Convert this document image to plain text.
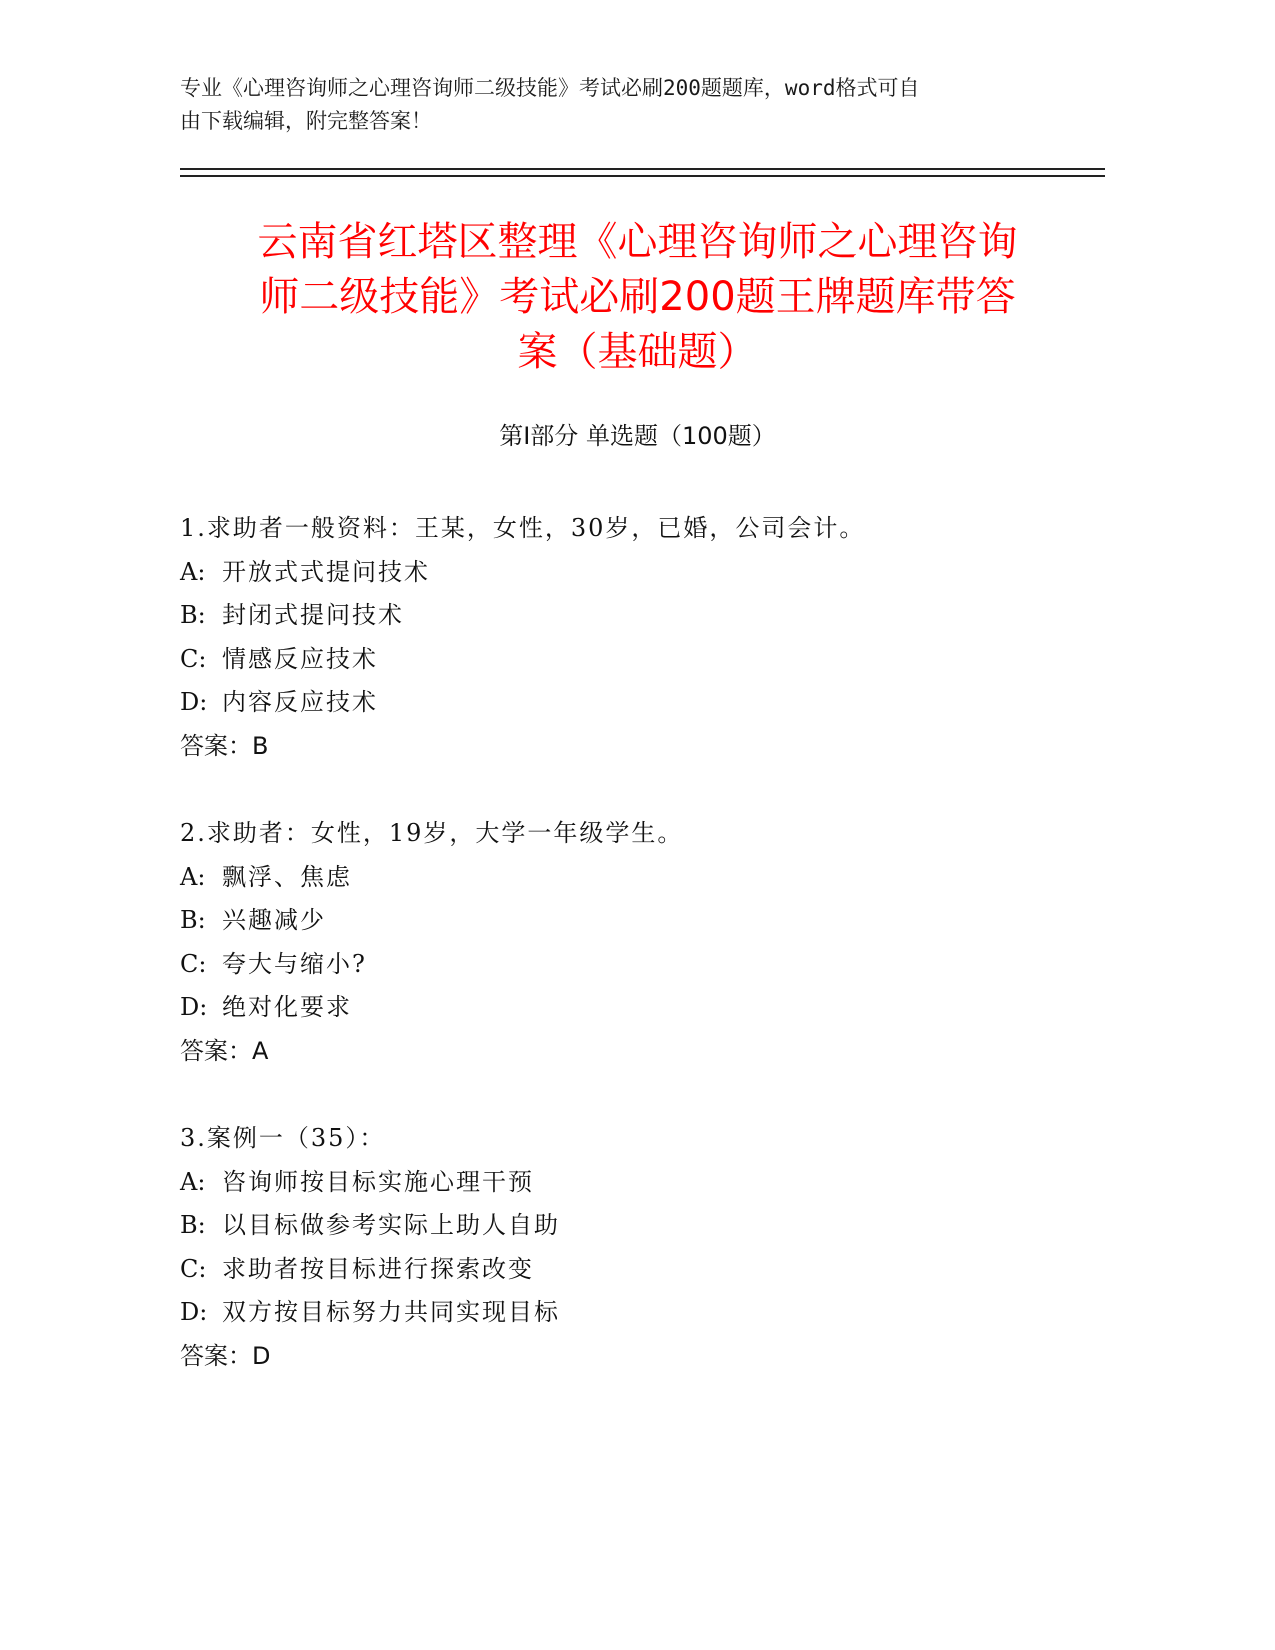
专业《心理咨询师之心理咨询师二级技能》考试必刷200题题库，word格式可自
由下载编辑，附完整答案！
云南省红塔区整理《心理咨询师之心理咨询
师二级技能》考试必刷200题王牌题库带答
案（基础题）
第Ⅰ部分 单选题（100题）
1.求助者一般资料：王某，女性，30岁，已婚，公司会计。
A: 开放式式提问技术
B: 封闭式提问技术
C: 情感反应技术
D: 内容反应技术
答案：B
2.求助者：女性，19岁，大学一年级学生。
A: 飘浮、焦虑
B: 兴趣减少
C: 夸大与缩小?
D: 绝对化要求
答案：A
3.案例一（35）：
A: 咨询师按目标实施心理干预
B: 以目标做参考实际上助人自助
C: 求助者按目标进行探索改变
D: 双方按目标努力共同实现目标
答案：D
